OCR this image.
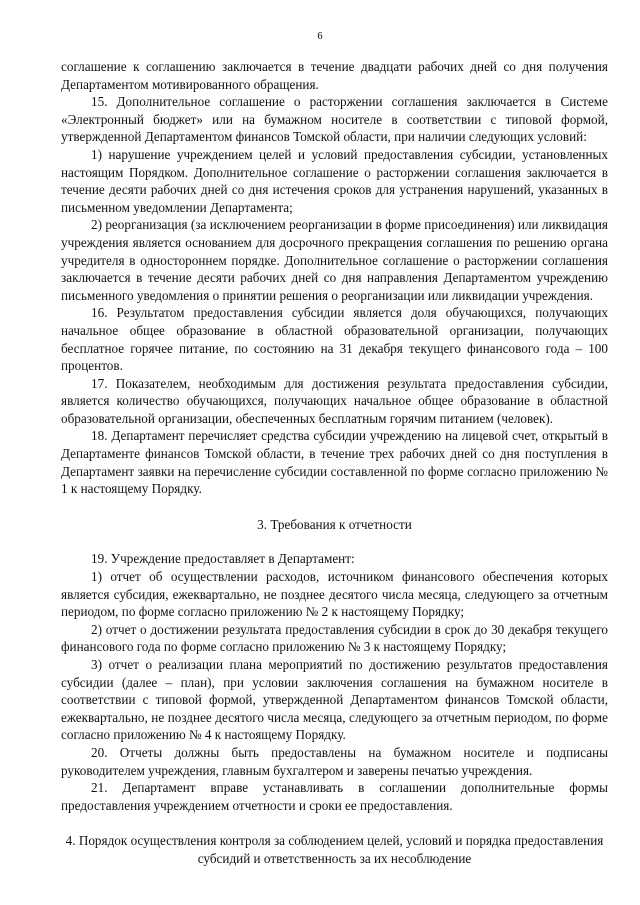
6

соглашение к соглашению заключается в течение двадцати рабочих дней со дня получения Департаментом мотивированного обращения.

15. Дополнительное соглашение о расторжении соглашения заключается в Системе «Электронный бюджет» или на бумажном носителе в соответствии с типовой формой, утвержденной Департаментом финансов Томской области, при наличии следующих условий:

1) нарушение учреждением целей и условий предоставления субсидии, установленных настоящим Порядком. Дополнительное соглашение о расторжении соглашения заключается в течение десяти рабочих дней со дня истечения сроков для устранения нарушений, указанных в письменном уведомлении Департамента;

2) реорганизация (за исключением реорганизации в форме присоединения) или ликвидация учреждения является основанием для досрочного прекращения соглашения по решению органа учредителя в одностороннем порядке. Дополнительное соглашение о расторжении соглашения заключается в течение десяти рабочих дней со дня направления Департаментом учреждению письменного уведомления о принятии решения о реорганизации или ликвидации учреждения.

16. Результатом предоставления субсидии является доля обучающихся, получающих начальное общее образование в областной образовательной организации, получающих бесплатное горячее питание, по состоянию на 31 декабря текущего финансового года – 100 процентов.

17. Показателем, необходимым для достижения результата предоставления субсидии, является количество обучающихся, получающих начальное общее образование в областной образовательной организации, обеспеченных бесплатным горячим питанием (человек).

18. Департамент перечисляет средства субсидии учреждению на лицевой счет, открытый в Департаменте финансов Томской области, в течение трех рабочих дней со дня поступления в Департамент заявки на перечисление субсидии составленной по форме согласно приложению № 1 к настоящему Порядку.

3. Требования к отчетности

19. Учреждение предоставляет в Департамент:

1) отчет об осуществлении расходов, источником финансового обеспечения которых является субсидия, ежеквартально, не позднее десятого числа месяца, следующего за отчетным периодом, по форме согласно приложению № 2 к настоящему Порядку;

2) отчет о достижении результата предоставления субсидии в срок до 30 декабря текущего финансового года по форме согласно приложению № 3 к настоящему Порядку;

3) отчет о реализации плана мероприятий по достижению результатов предоставления субсидии (далее – план), при условии заключения соглашения на бумажном носителе в соответствии с типовой формой, утвержденной Департаментом финансов Томской области, ежеквартально, не позднее десятого числа месяца, следующего за отчетным периодом, по форме согласно приложению № 4 к настоящему Порядку.

20. Отчеты должны быть предоставлены на бумажном носителе и подписаны руководителем учреждения, главным бухгалтером и заверены печатью учреждения.

21. Департамент вправе устанавливать в соглашении дополнительные формы предоставления учреждением отчетности и сроки ее предоставления.

4. Порядок осуществления контроля за соблюдением целей, условий и порядка предоставления субсидий и ответственность за их несоблюдение
